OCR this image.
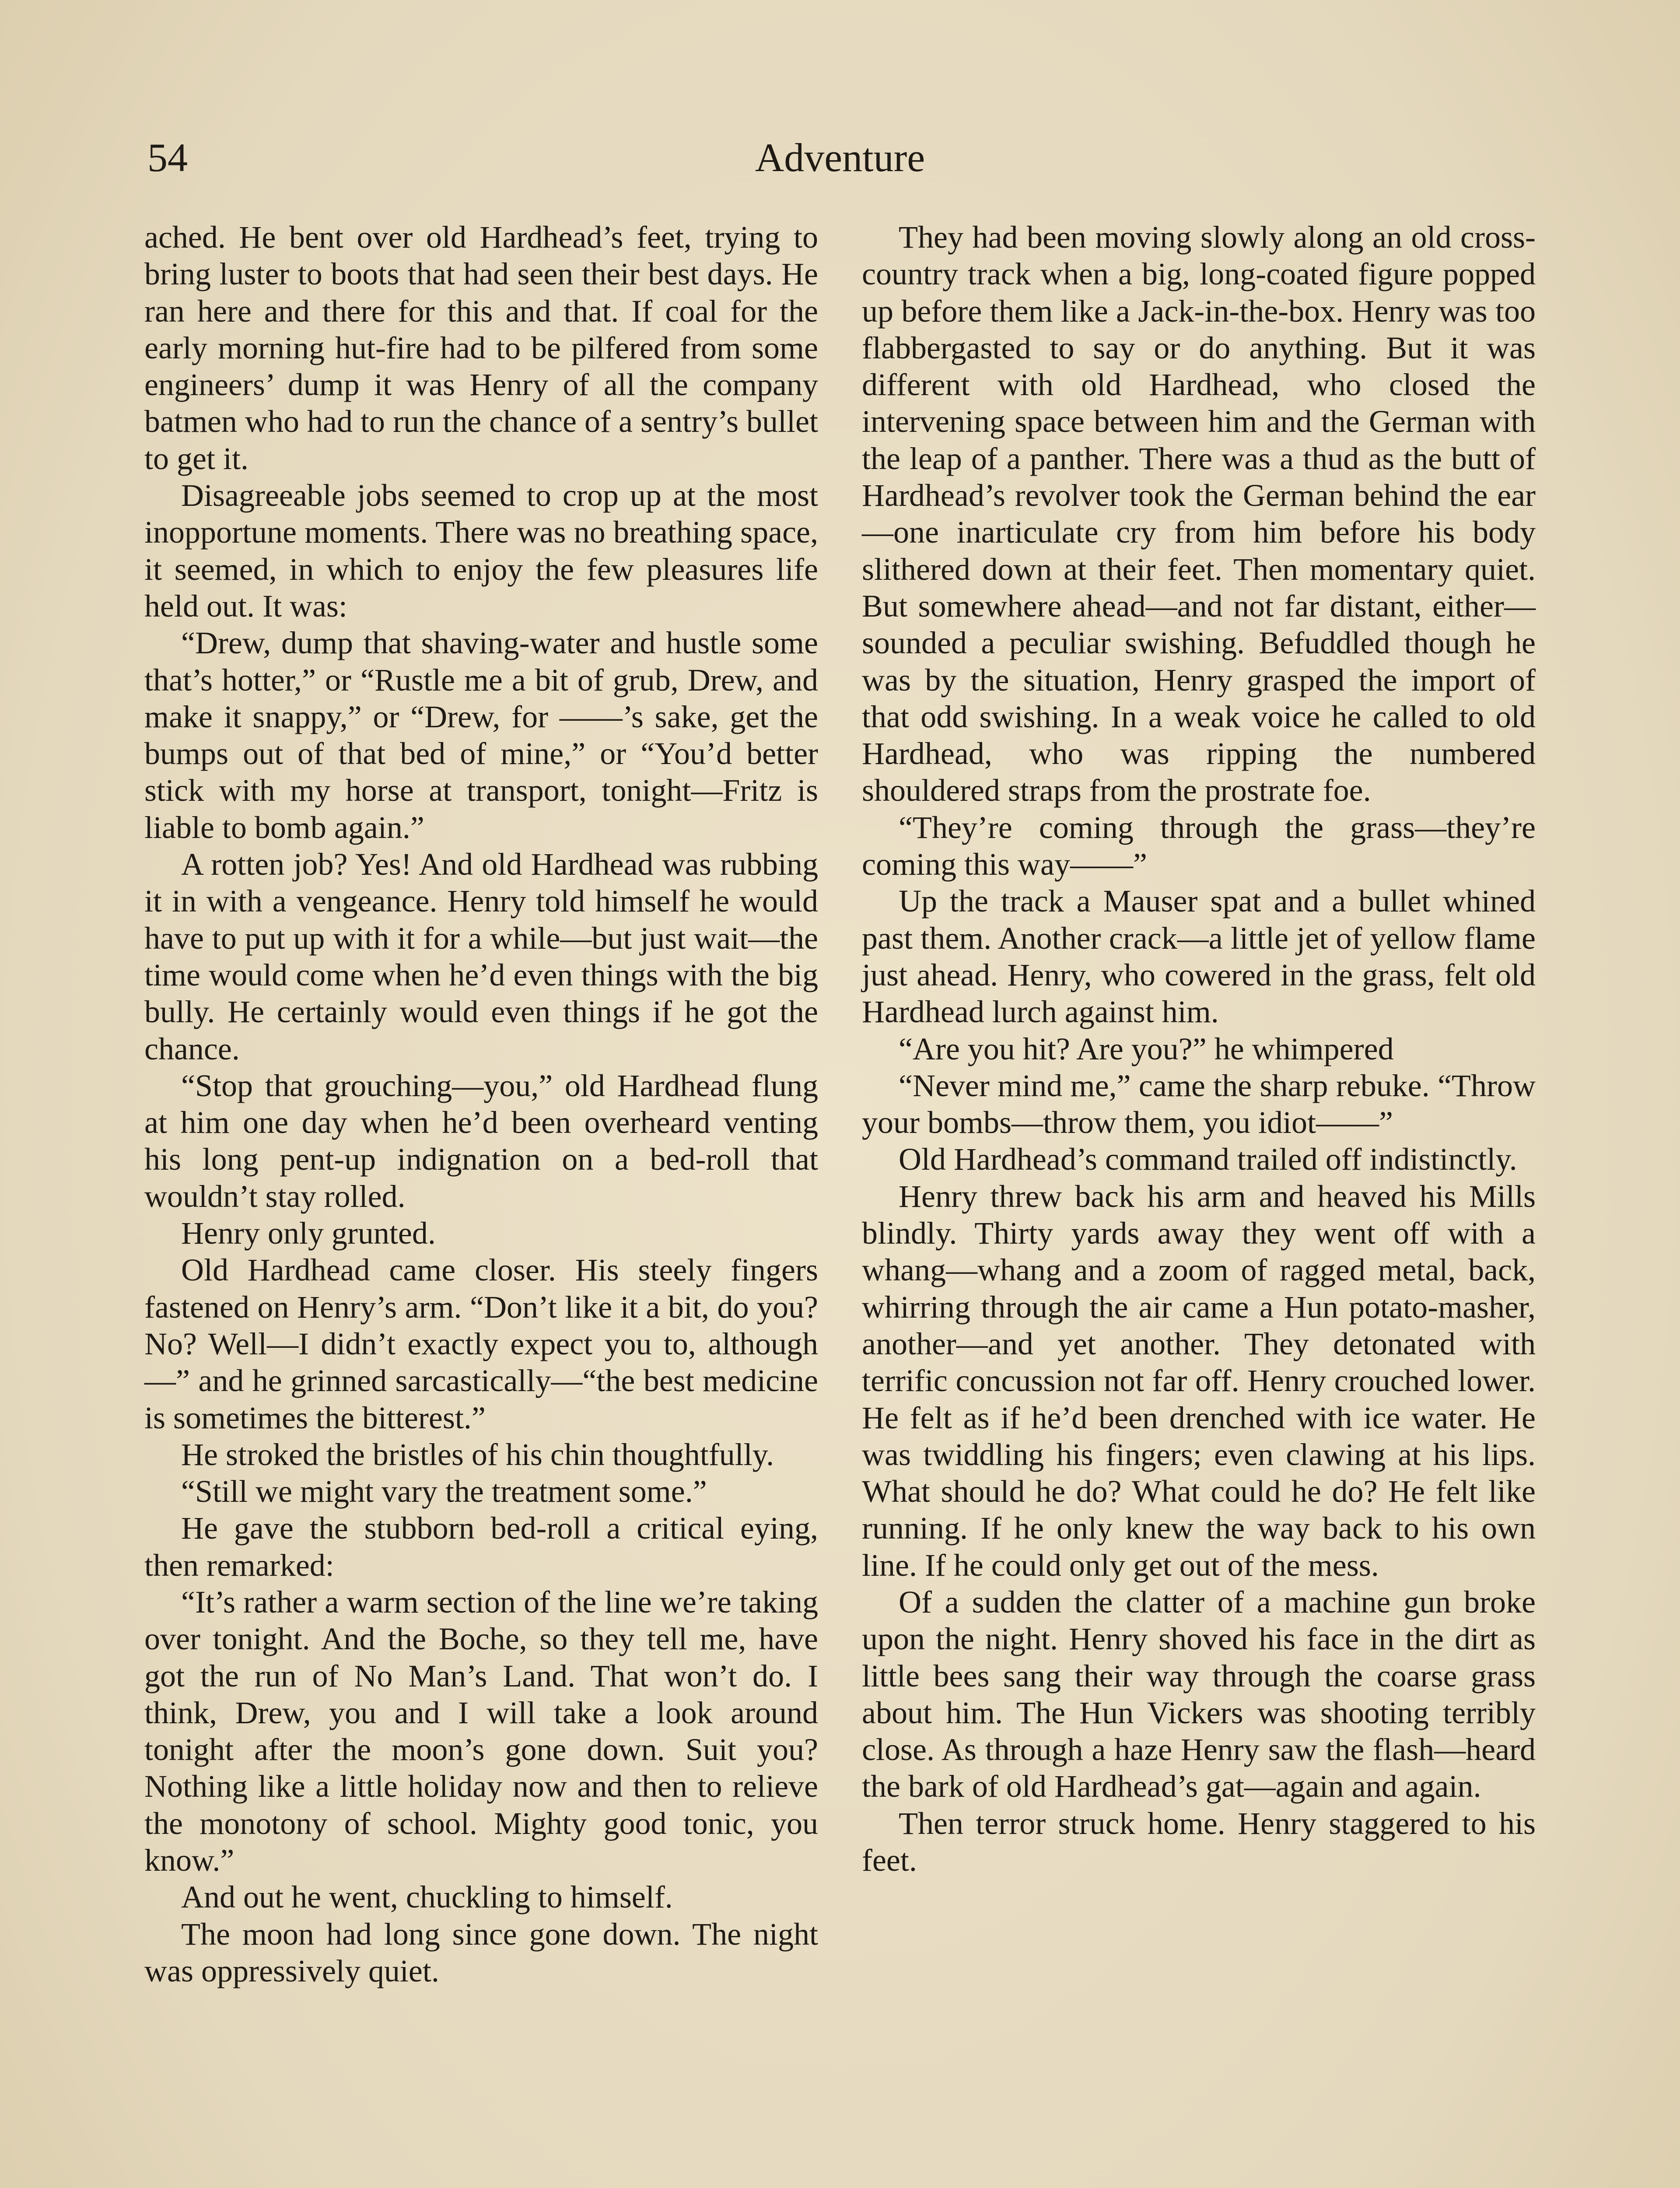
54	Adventure

ached. He bent over old Hardhead’s feet, trying to bring luster to boots that had seen their best days. He ran here and there for this and that. If coal for the early morning hut-fire had to be pilfered from some engineers’ dump it was Henry of all the company batmen who had to run the chance of a sentry’s bullet to get it.

Disagreeable jobs seemed to crop up at the most inopportune moments. There was no breathing space, it seemed, in which to enjoy the few pleasures life held out. It was:

“Drew, dump that shaving-water and hustle some that’s hotter,” or “Rustle me a bit of grub, Drew, and make it snappy,” or “Drew, for ——’s sake, get the bumps out of that bed of mine,” or “You’d better stick with my horse at transport, tonight—Fritz is liable to bomb again.”

A rotten job? Yes! And old Hardhead was rubbing it in with a vengeance. Henry told himself he would have to put up with it for a while—but just wait—the time would come when he’d even things with the big bully. He certainly would even things if he got the chance.

“Stop that grouching—you,” old Hardhead flung at him one day when he’d been overheard venting his long pent-up indignation on a bed-roll that wouldn’t stay rolled.

Henry only grunted.

Old Hardhead came closer. His steely fingers fastened on Henry’s arm. “Don’t like it a bit, do you? No? Well—I didn’t exactly expect you to, although—” and he grinned sarcastically—“the best medicine is sometimes the bitterest.”

He stroked the bristles of his chin thoughtfully.

“Still we might vary the treatment some.”

He gave the stubborn bed-roll a critical eying, then remarked:

“It’s rather a warm section of the line we’re taking over tonight. And the Boche, so they tell me, have got the run of No Man’s Land. That won’t do. I think, Drew, you and I will take a look around tonight after the moon’s gone down. Suit you? Nothing like a little holiday now and then to relieve the monotony of school. Mighty good tonic, you know.”

And out he went, chuckling to himself.

The moon had long since gone down. The night was oppressively quiet.

They had been moving slowly along an old cross-country track when a big, long-coated figure popped up before them like a Jack-in-the-box. Henry was too flabbergasted to say or do anything. But it was different with old Hardhead, who closed the intervening space between him and the German with the leap of a panther. There was a thud as the butt of Hardhead’s revolver took the German behind the ear—one inarticulate cry from him before his body slithered down at their feet. Then momentary quiet. But somewhere ahead—and not far distant, either—sounded a peculiar swishing. Befuddled though he was by the situation, Henry grasped the import of that odd swishing. In a weak voice he called to old Hardhead, who was ripping the numbered shouldered straps from the prostrate foe.

“They’re coming through the grass—they’re coming this way——”

Up the track a Mauser spat and a bullet whined past them. Another crack—a little jet of yellow flame just ahead. Henry, who cowered in the grass, felt old Hardhead lurch against him.

“Are you hit? Are you?” he whimpered

“Never mind me,” came the sharp rebuke. “Throw your bombs—throw them, you idiot——”

Old Hardhead’s command trailed off indistinctly.

Henry threw back his arm and heaved his Mills blindly. Thirty yards away they went off with a whang—whang and a zoom of ragged metal, back, whirring through the air came a Hun potato-masher, another—and yet another. They detonated with terrific concussion not far off. Henry crouched lower. He felt as if he’d been drenched with ice water. He was twiddling his fingers; even clawing at his lips. What should he do? What could he do? He felt like running. If he only knew the way back to his own line. If he could only get out of the mess.

Of a sudden the clatter of a machine gun broke upon the night. Henry shoved his face in the dirt as little bees sang their way through the coarse grass about him. The Hun Vickers was shooting terribly close. As through a haze Henry saw the flash—heard the bark of old Hardhead’s gat—again and again.

Then terror struck home. Henry staggered to his feet.
